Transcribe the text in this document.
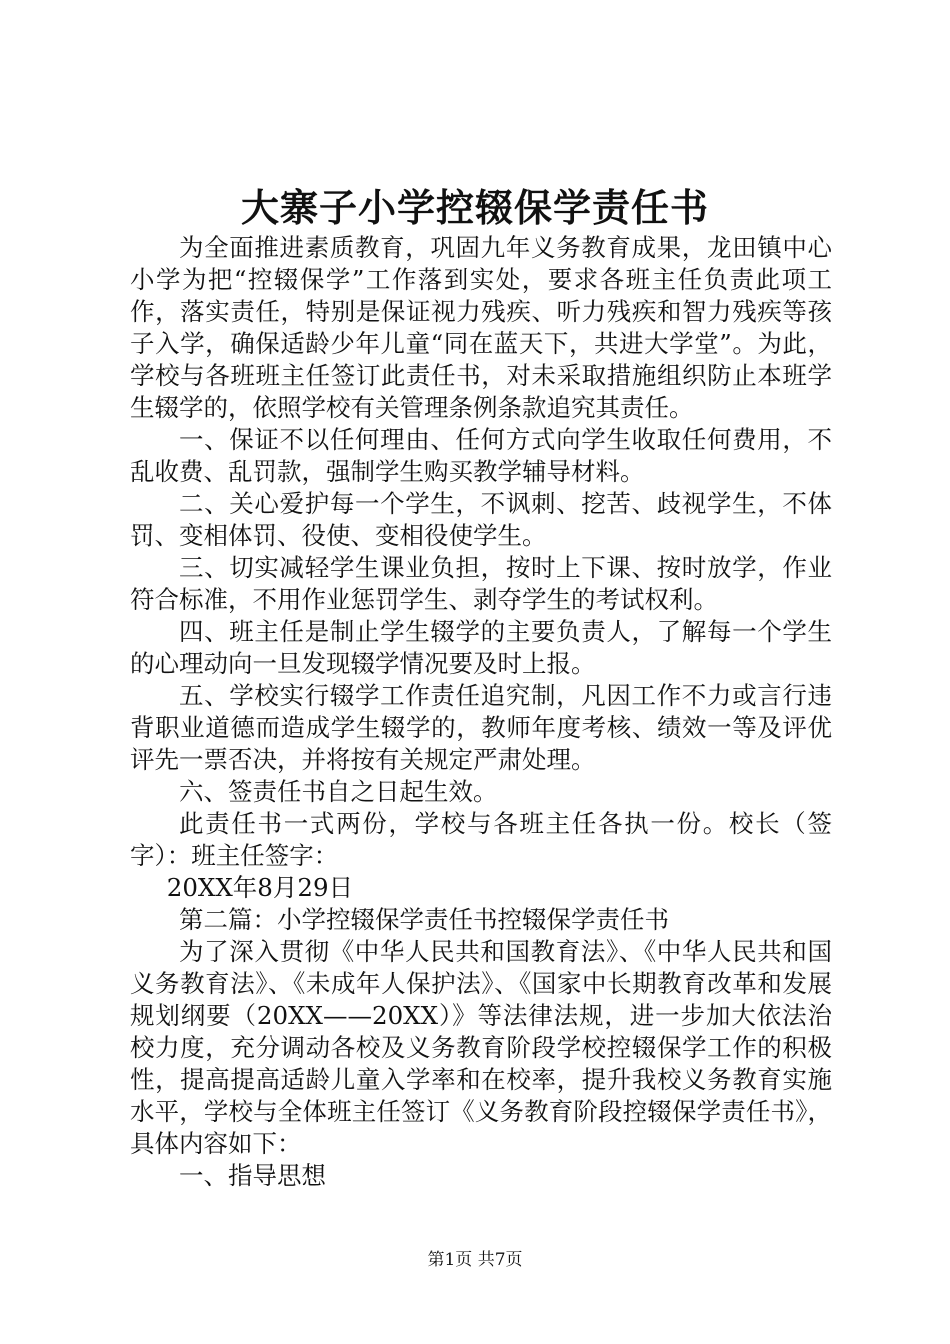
大寨子小学控辍保学责任书

为全面推进素质教育，巩固九年义务教育成果，龙田镇中心小学为把“控辍保学”工作落到实处，要求各班主任负责此项工作，落实责任，特别是保证视力残疾、听力残疾和智力残疾等孩子入学，确保适龄少年儿童“同在蓝天下，共进大学堂”。为此，学校与各班班主任签订此责任书，对未采取措施组织防止本班学生辍学的，依照学校有关管理条例条款追究其责任。

一、保证不以任何理由、任何方式向学生收取任何费用，不乱收费、乱罚款，强制学生购买教学辅导材料。

二、关心爱护每一个学生，不讽刺、挖苦、歧视学生，不体罚、变相体罚、役使、变相役使学生。

三、切实减轻学生课业负担，按时上下课、按时放学，作业符合标准，不用作业惩罚学生、剥夺学生的考试权利。

四、班主任是制止学生辍学的主要负责人，了解每一个学生的心理动向一旦发现辍学情况要及时上报。

五、学校实行辍学工作责任追究制，凡因工作不力或言行违背职业道德而造成学生辍学的，教师年度考核、绩效一等及评优评先一票否决，并将按有关规定严肃处理。

六、签责任书自之日起生效。

此责任书一式两份，学校与各班主任各执一份。校长（签字）：班主任签字：

20XX年8月29日

第二篇：小学控辍保学责任书控辍保学责任书

为了深入贯彻《中华人民共和国教育法》、《中华人民共和国义务教育法》、《未成年人保护法》、《国家中长期教育改革和发展规划纲要（20XX——20XX）》等法律法规，进一步加大依法治校力度，充分调动各校及义务教育阶段学校控辍保学工作的积极性，提高提高适龄儿童入学率和在校率，提升我校义务教育实施水平，学校与全体班主任签订《义务教育阶段控辍保学责任书》，具体内容如下：

一、指导思想

第1页 共7页
